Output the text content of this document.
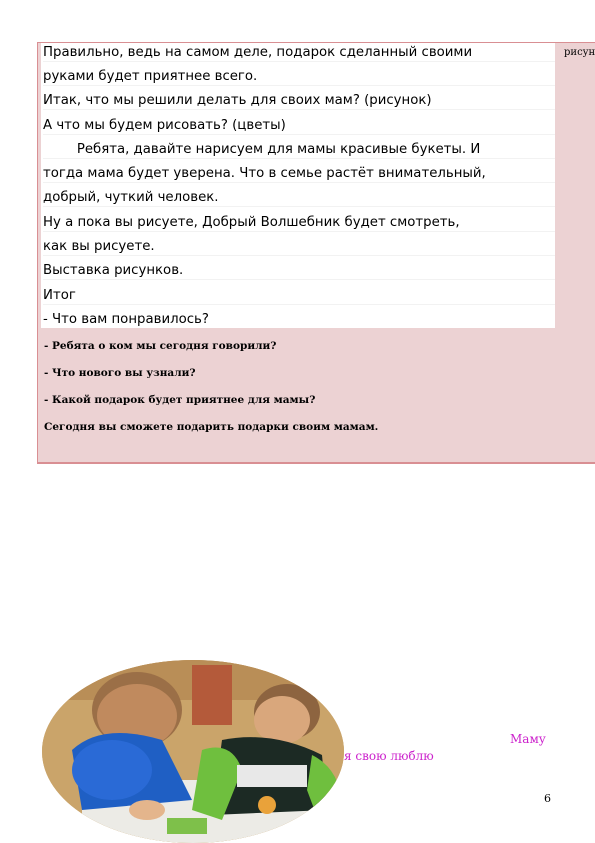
Правильно, ведь на самом деле, подарок сделанный своими
руками будет приятнее всего.
Итак, что мы решили делать для своих мам? (рисунок)
А что мы будем рисовать? (цветы)
Ребята, давайте нарисуем для мамы красивые букеты. И
тогда мама будет уверена. Что в семье растёт внимательный,
добрый, чуткий человек.
Ну а пока вы рисуете, Добрый Волшебник будет смотреть,
как вы рисуете.
Выставка рисунков.
Итог
- Что вам понравилось?
рисун
- Ребята о ком мы сегодня говорили?
- Что нового вы узнали?
- Какой подарок будет приятнее для мамы?
Сегодня вы сможете подарить подарки своим мамам.
Маму
я свою люблю
6
